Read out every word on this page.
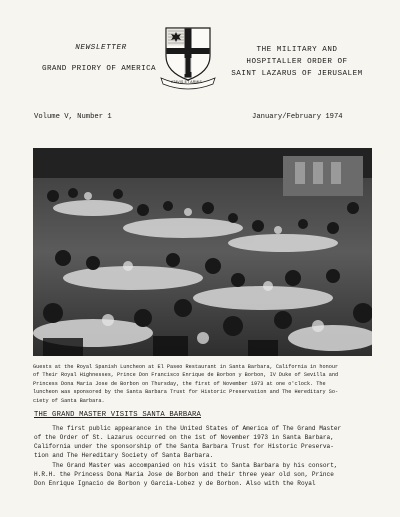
NEWSLETTER
GRAND PRIORY OF AMERICA
ATAVIS ET ARMIS
THE MILITARY AND
HOSPITALLER ORDER OF
SAINT LAZARUS OF JERUSALEM
Volume V, Number 1	January/February 1974
Guests at the Royal Spanish Luncheon at El Paseo Restaurant in Santa Barbara, California in honour
of Their Royal Highnesses, Prince Don Francisco Enrique de Borbon y Borbon, IV Duke of Sevilla and
Princess Dona Maria Jose de Borbon on Thursday, the first of November 1973 at one o'clock. The
luncheon was sponsored by the Santa Barbara Trust for Historic Preservation and The Hereditary So-
ciety of Santa Barbara.
THE GRAND MASTER VISITS SANTA BARBARA
The first public appearance in the United States of America of The Grand Master
of the Order of St. Lazarus occurred on the 1st of November 1973 in Santa Barbara,
California under the sponsorship of the Santa Barbara Trust for Historic Preserva-
tion and The Hereditary Society of Santa Barbara.
The Grand Master was accompanied on his visit to Santa Barbara by his consort,
H.R.H. the Princess Dona Maria Jose de Borbon and their three year old son, Prince
Don Enrique Ignacio de Borbon y Garcia-Lobez y de Borbon. Also with the Royal
